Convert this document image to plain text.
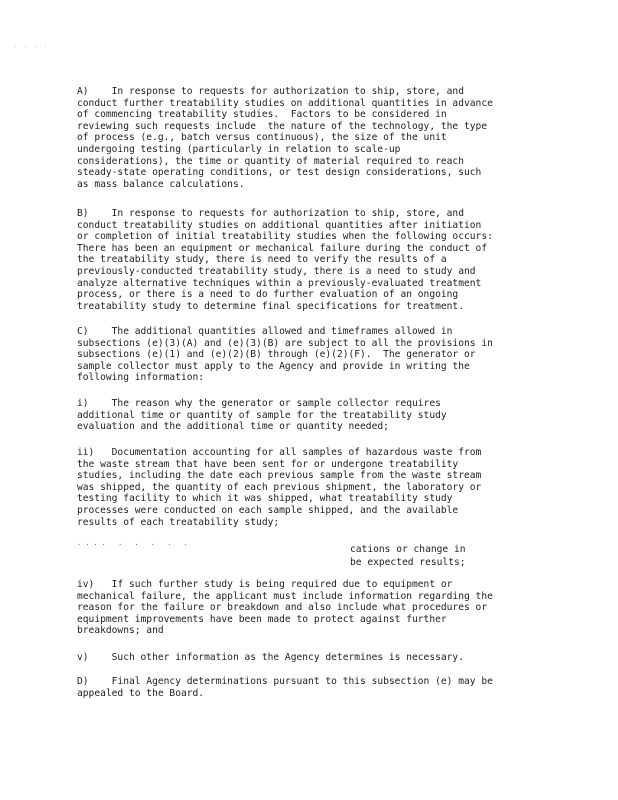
· · · ·
A)    In response to requests for authorization to ship, store, and
conduct further treatability studies on additional quantities in advance
of commencing treatability studies.  Factors to be considered in
reviewing such requests include  the nature of the technology, the type
of process (e.g., batch versus continuous), the size of the unit
undergoing testing (particularly in relation to scale-up
considerations), the time or quantity of material required to reach
steady-state operating conditions, or test design considerations, such
as mass balance calculations.
B)    In response to requests for authorization to ship, store, and
conduct treatability studies on additional quantities after initiation
or completion of initial treatability studies when the following occurs:
There has been an equipment or mechanical failure during the conduct of
the treatability study, there is need to verify the results of a
previously-conducted treatability study, there is a need to study and
analyze alternative techniques within a previously-evaluated treatment
process, or there is a need to do further evaluation of an ongoing
treatability study to determine final specifications for treatment.
C)    The additional quantities allowed and timeframes allowed in
subsections (e)(3)(A) and (e)(3)(B) are subject to all the provisions in
subsections (e)(1) and (e)(2)(B) through (e)(2)(F).  The generator or
sample collector must apply to the Agency and provide in writing the
following information:
i)    The reason why the generator or sample collector requires
additional time or quantity of sample for the treatability study
evaluation and the additional time or quantity needed;
ii)   Documentation accounting for all samples of hazardous waste from
the waste stream that have been sent for or undergone treatability
studies, including the date each previous sample from the waste stream
was shipped, the quantity of each previous shipment, the laboratory or
testing facility to which it was shipped, what treatability study
processes were conducted on each sample shipped, and the available
results of each treatability study;
.... . . . . .	cations or change in
be expected results;
iv)   If such further study is being required due to equipment or
mechanical failure, the applicant must include information regarding the
reason for the failure or breakdown and also include what procedures or
equipment improvements have been made to protect against further
breakdowns; and
v)    Such other information as the Agency determines is necessary.
D)    Final Agency determinations pursuant to this subsection (e) may be
appealed to the Board.
